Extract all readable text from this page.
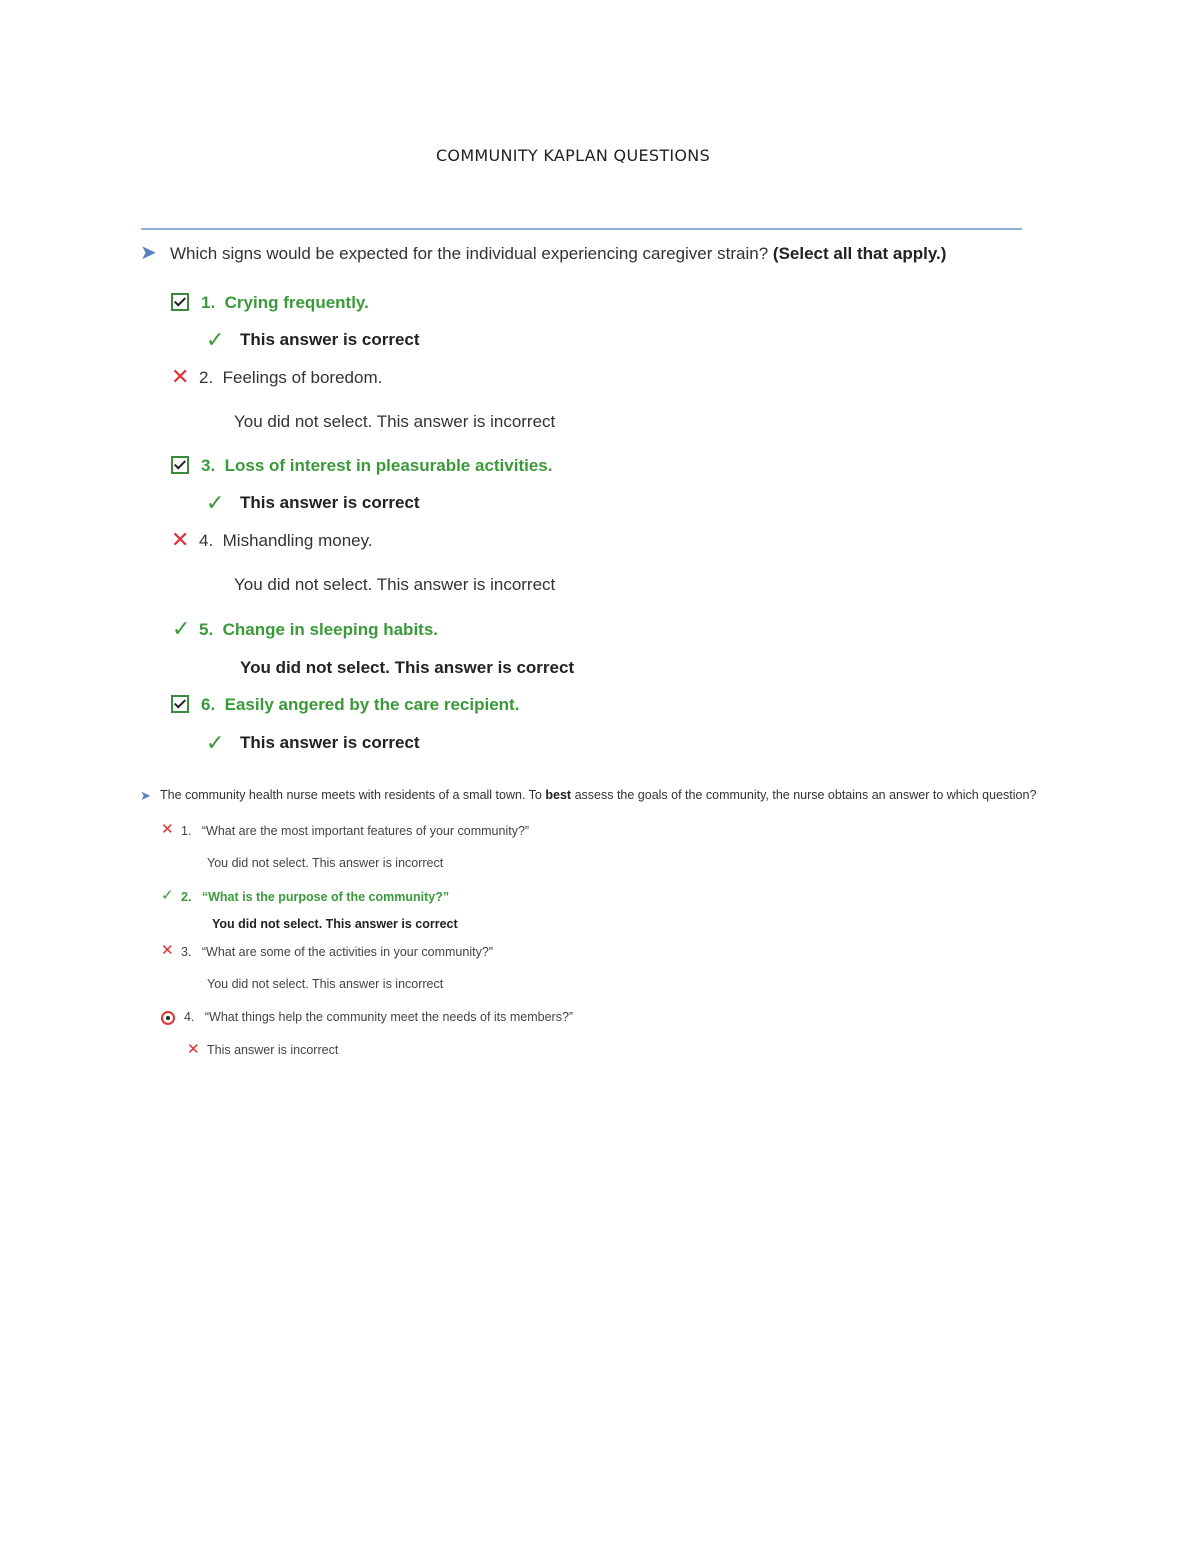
COMMUNITY KAPLAN QUESTIONS
➤ Which signs would be expected for the individual experiencing caregiver strain? (Select all that apply.)
1. Crying frequently.
✓ This answer is correct
✕ 2. Feelings of boredom.
You did not select. This answer is incorrect
3. Loss of interest in pleasurable activities.
✓ This answer is correct
✕ 4. Mishandling money.
You did not select. This answer is incorrect
✓ 5. Change in sleeping habits.
You did not select. This answer is correct
6. Easily angered by the care recipient.
✓ This answer is correct
➤ The community health nurse meets with residents of a small town. To best assess the goals of the community, the nurse obtains an answer to which question?
✕ 1. “What are the most important features of your community?”
You did not select. This answer is incorrect
✓ 2. “What is the purpose of the community?”
You did not select. This answer is correct
✕ 3. “What are some of the activities in your community?”
You did not select. This answer is incorrect
4. “What things help the community meet the needs of its members?”
✕ This answer is incorrect
